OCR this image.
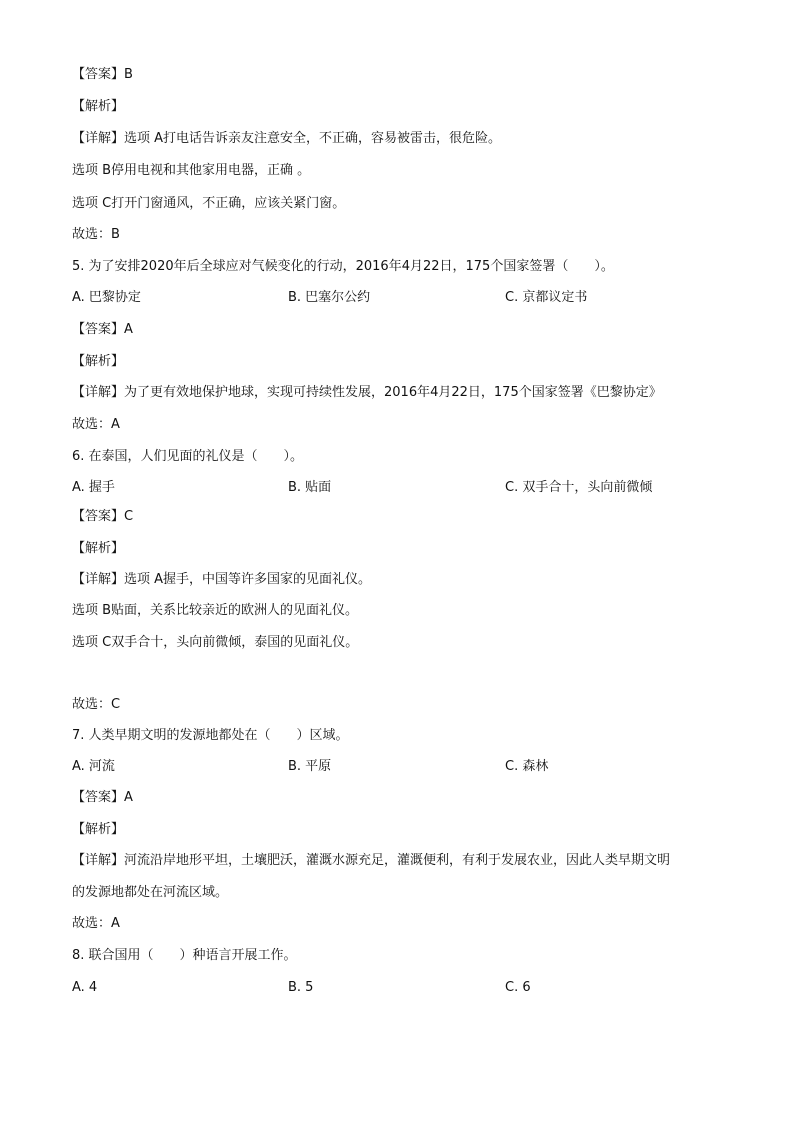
【答案】B
【解析】
【详解】选项 A打电话告诉亲友注意安全，不正确，容易被雷击，很危险。
选项 B停用电视和其他家用电器，正确 。
选项 C打开门窗通风，不正确，应该关紧门窗。
故选：B
5. 为了安排2020年后全球应对气候变化的行动，2016年4月22日，175个国家签署（　　）。
A. 巴黎协定	B. 巴塞尔公约	C. 京都议定书
【答案】A
【解析】
【详解】为了更有效地保护地球，实现可持续性发展，2016年4月22日，175个国家签署《巴黎协定》
故选：A
6. 在泰国，人们见面的礼仪是（　　）。
A. 握手	B. 贴面	C. 双手合十，头向前微倾
【答案】C
【解析】
【详解】选项 A握手，中国等许多国家的见面礼仪。
选项 B贴面，关系比较亲近的欧洲人的见面礼仪。
选项 C双手合十，头向前微倾，泰国的见面礼仪。
故选：C
7. 人类早期文明的发源地都处在（　　）区域。
A. 河流	B. 平原	C. 森林
【答案】A
【解析】
【详解】河流沿岸地形平坦，土壤肥沃，灌溉水源充足，灌溉便利，有利于发展农业，因此人类早期文明
的发源地都处在河流区域。
故选：A
8. 联合国用（　　）种语言开展工作。
A. 4	B. 5	C. 6
